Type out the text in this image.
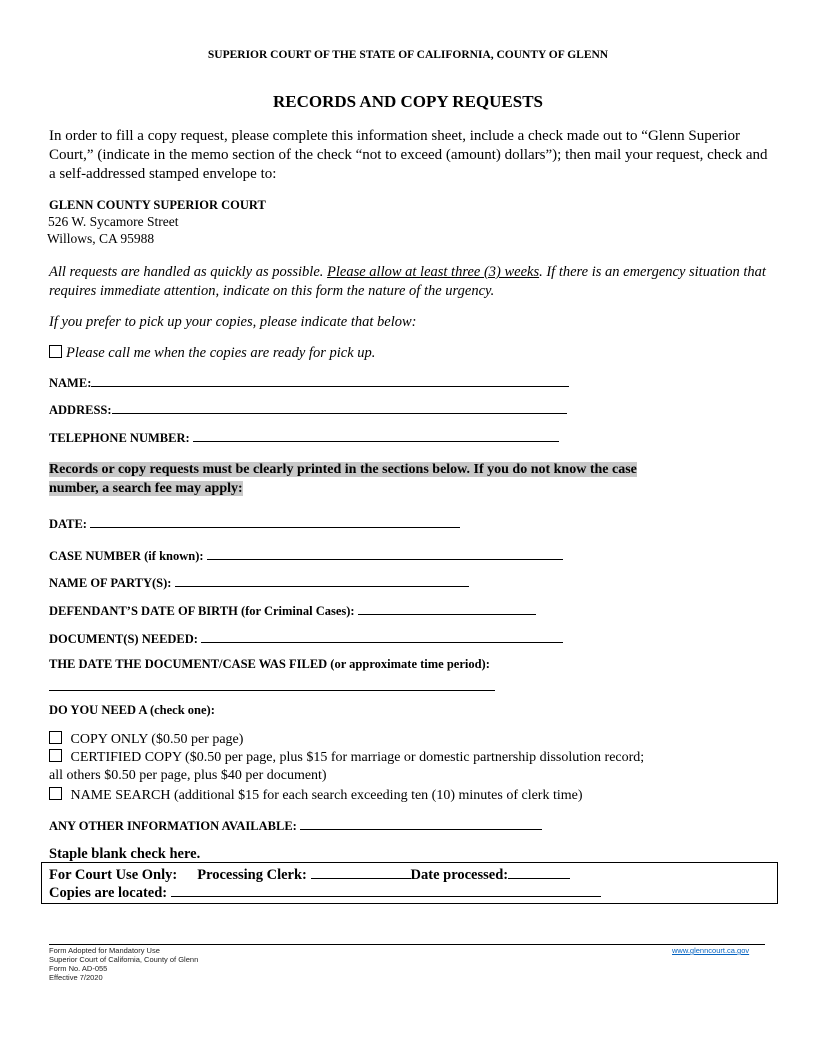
SUPERIOR COURT OF THE STATE OF CALIFORNIA, COUNTY OF GLENN
RECORDS AND COPY REQUESTS
In order to fill a copy request, please complete this information sheet, include a check made out to “Glenn Superior Court,” (indicate in the memo section of the check “not to exceed (amount) dollars”); then mail your request, check and a self-addressed stamped envelope to:
GLENN COUNTY SUPERIOR COURT
526 W. Sycamore Street
Willows, CA 95988
All requests are handled as quickly as possible. Please allow at least three (3) weeks. If there is an emergency situation that requires immediate attention, indicate on this form the nature of the urgency.
If you prefer to pick up your copies, please indicate that below:
Please call me when the copies are ready for pick up.
NAME:
ADDRESS:
TELEPHONE NUMBER:
Records or copy requests must be clearly printed in the sections below. If you do not know the case
number, a search fee may apply:
DATE:
CASE NUMBER (if known):
NAME OF PARTY(S):
DEFENDANT’S DATE OF BIRTH (for Criminal Cases):
DOCUMENT(S) NEEDED:
THE DATE THE DOCUMENT/CASE WAS FILED (or approximate time period):
DO YOU NEED A (check one):
COPY ONLY ($0.50 per page)
CERTIFIED COPY ($0.50 per page, plus $15 for marriage or domestic partnership dissolution record;
all others $0.50 per page, plus $40 per document)
NAME SEARCH (additional $15 for each search exceeding ten (10) minutes of clerk time)
ANY OTHER INFORMATION AVAILABLE:
Staple blank check here.
For Court Use Only: Processing Clerk:	Date processed:
Copies are located:
Form Adopted for Mandatory Use
Superior Court of California, County of Glenn
Form No. AD-055
Effective 7/2020
www.glenncourt.ca.gov
